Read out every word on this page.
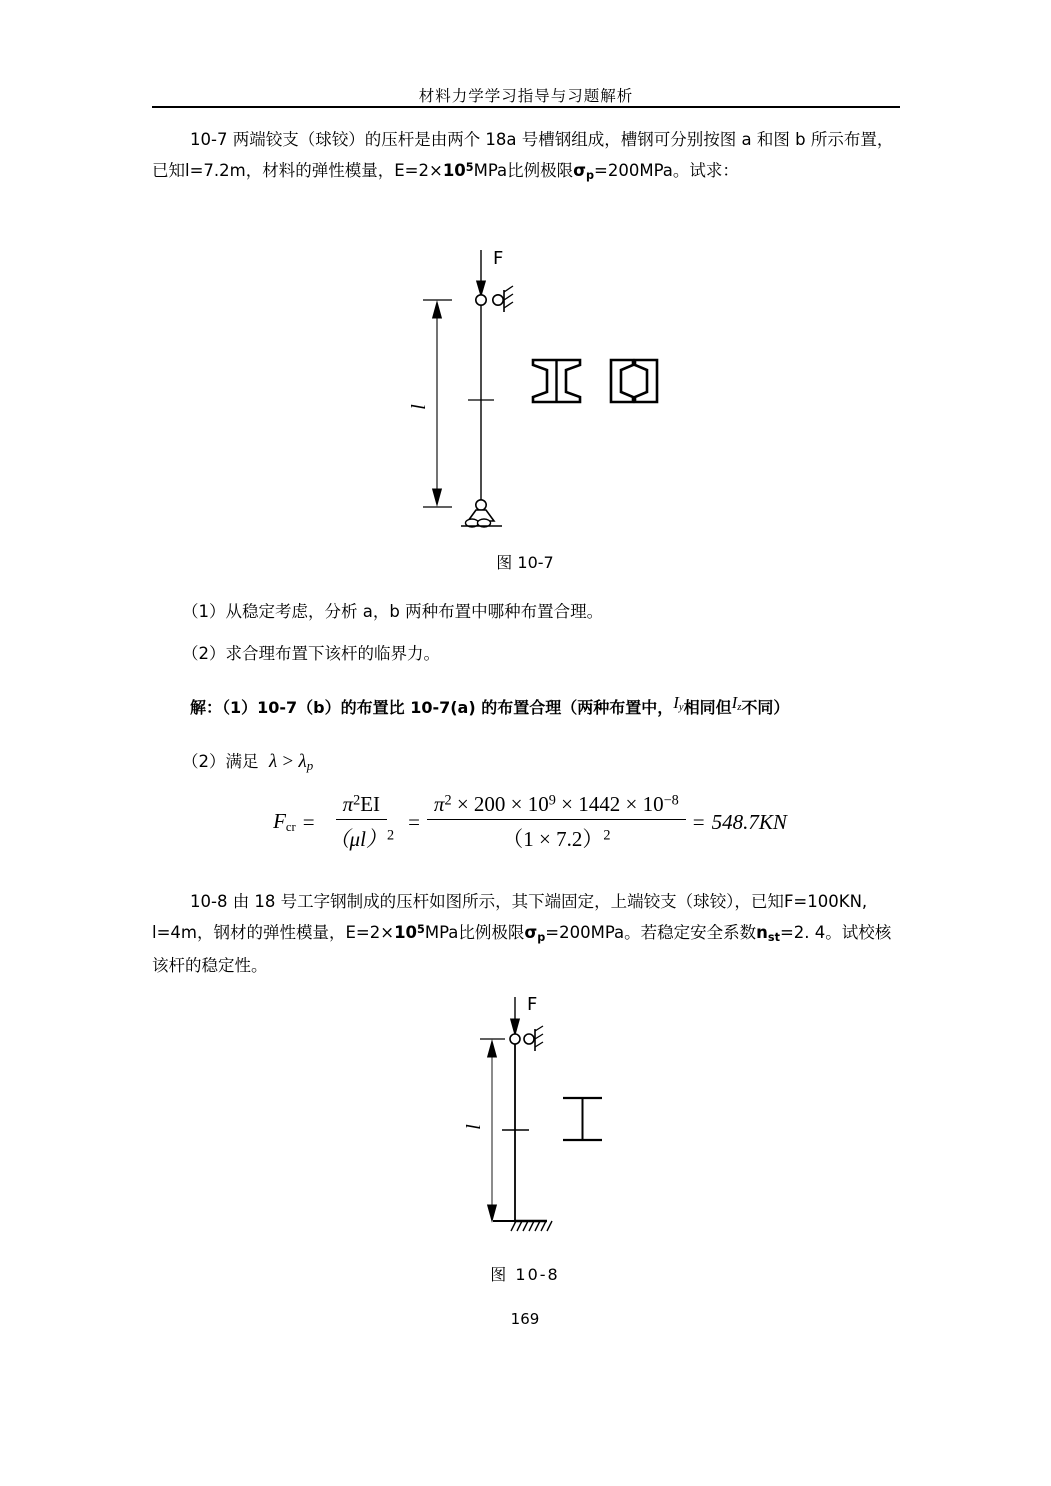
材料力学学习指导与习题解析
10-7 两端铰支（球铰）的压杆是由两个 18a 号槽钢组成，槽钢可分别按图 a 和图 b 所示布置，已知l=7.2m，材料的弹性模量，$E=2\times 10^5MPa$比例极限$\sigma_p=200MPa$。试求：
l
F
图 10-7
（1）从稳定考虑，分析 a，b 两种布置中哪种布置合理。
（2）求合理布置下该杆的临界力。
解：（1）10-7（b）的布置比 10-7(a) 的布置合理（两种布置中，$I_y$相同但$I_z$不同）
（2）满足 $\lambda > \lambda_p$
Fcr = $\frac{\pi^2EI}{(\mu l)^2} = \frac{\pi^2 \times 200 \times 10^9 \times 1442 \times 10^{-8}}{(1 \times 7.2)^2} = 548.7KN$
10-8 由 18 号工字钢制成的压杆如图所示，其下端固定，上端铰支（球铰），已知F=100KN, l=4m，钢材的弹性模量，$E=2\times 10^5MPa$比例极限$\sigma_p=200MPa$。若稳定安全系数$n_{st}=2$. 4。试校核该杆的稳定性。
F
l
图 10-8
169
